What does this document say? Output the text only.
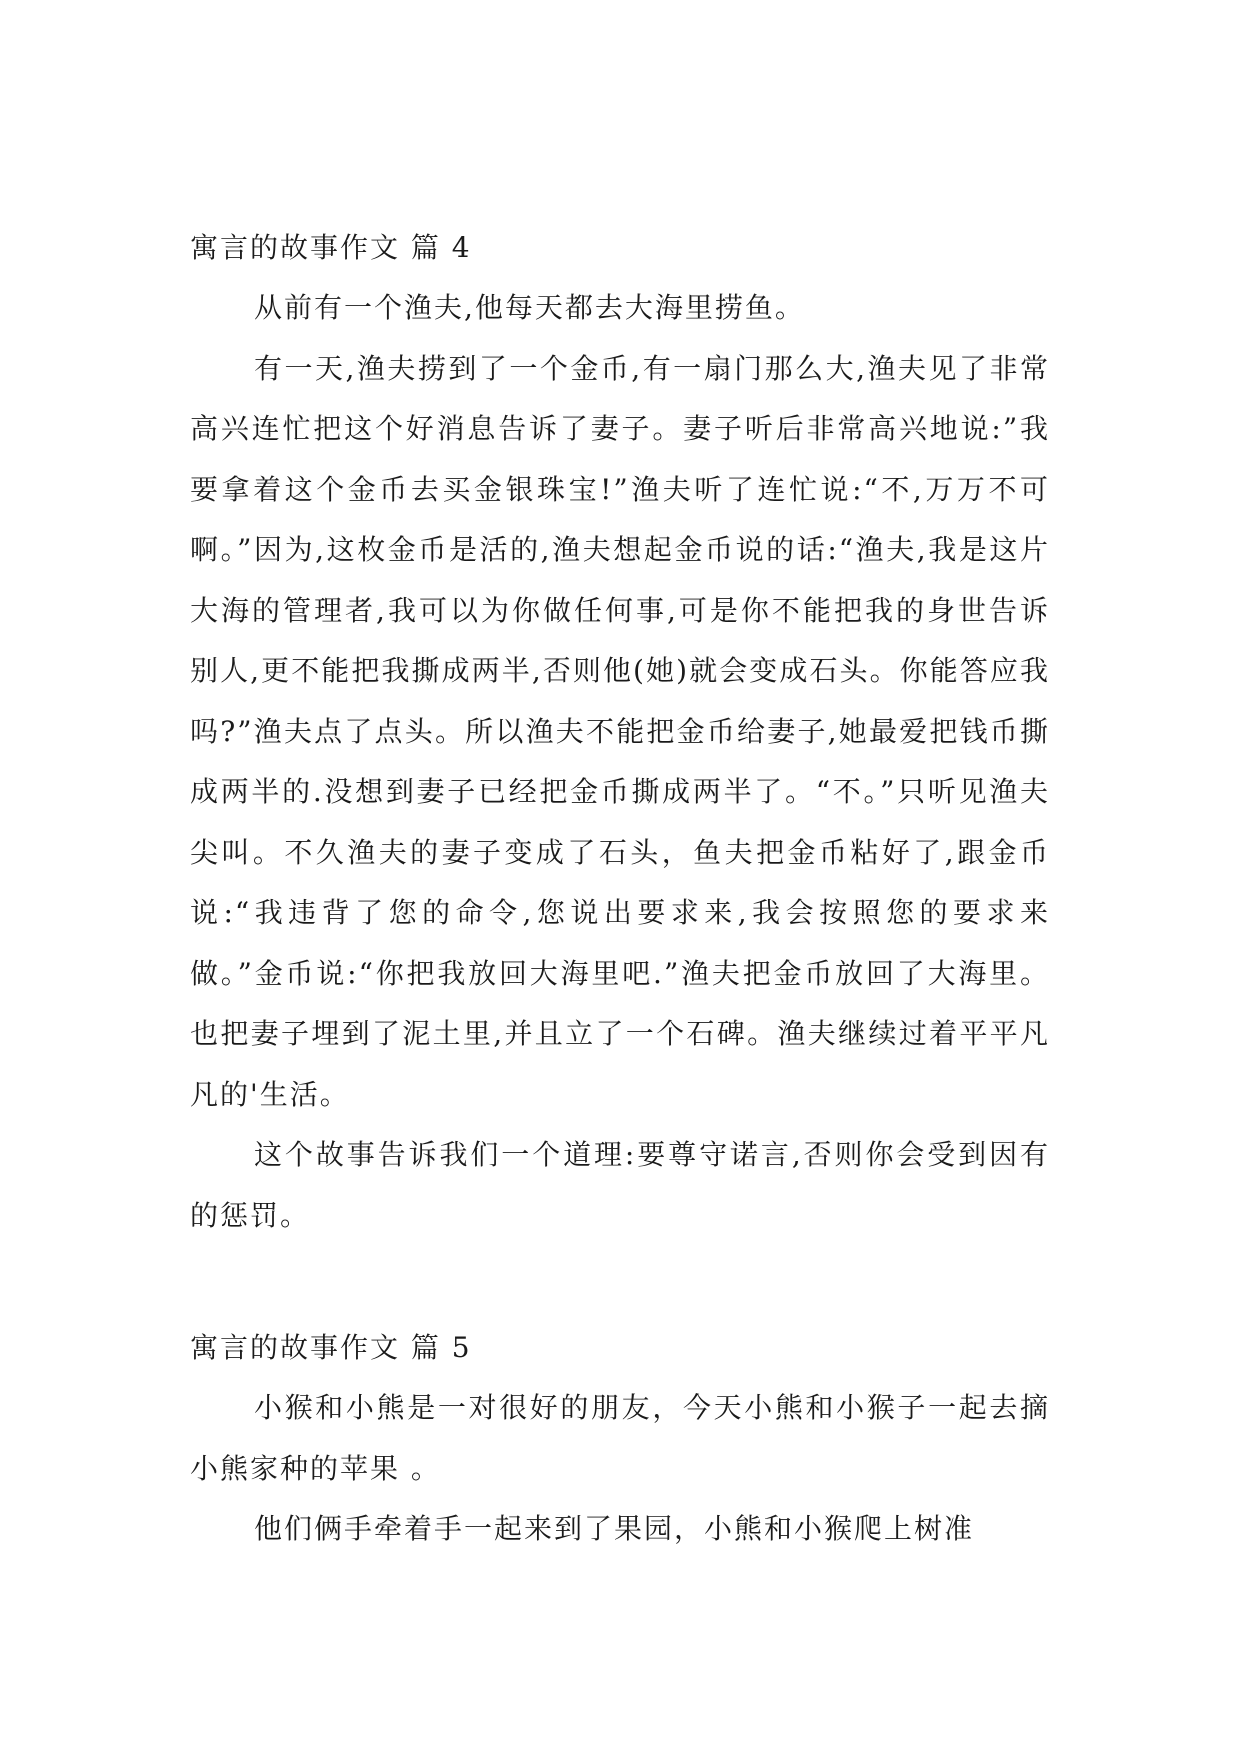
寓言的故事作文 篇 4

从前有一个渔夫,他每天都去大海里捞鱼。

有一天,渔夫捞到了一个金币,有一扇门那么大,渔夫见了非常高兴连忙把这个好消息告诉了妻子。妻子听后非常高兴地说:”我要拿着这个金币去买金银珠宝!”渔夫听了连忙说:“不,万万不可啊。”因为,这枚金币是活的,渔夫想起金币说的话:“渔夫,我是这片大海的管理者,我可以为你做任何事,可是你不能把我的身世告诉别人,更不能把我撕成两半,否则他(她)就会变成石头。你能答应我吗?”渔夫点了点头。所以渔夫不能把金币给妻子,她最爱把钱币撕成两半的.没想到妻子已经把金币撕成两半了。“不。”只听见渔夫尖叫。不久渔夫的妻子变成了石头，鱼夫把金币粘好了,跟金币说:“我违背了您的命令,您说出要求来,我会按照您的要求来做。”金币说:“你把我放回大海里吧.”渔夫把金币放回了大海里。也把妻子埋到了泥土里,并且立了一个石碑。渔夫继续过着平平凡凡的'生活。

这个故事告诉我们一个道理:要尊守诺言,否则你会受到因有的惩罚。

寓言的故事作文 篇 5

小猴和小熊是一对很好的朋友，今天小熊和小猴子一起去摘小熊家种的苹果 。

他们俩手牵着手一起来到了果园，小熊和小猴爬上树准
